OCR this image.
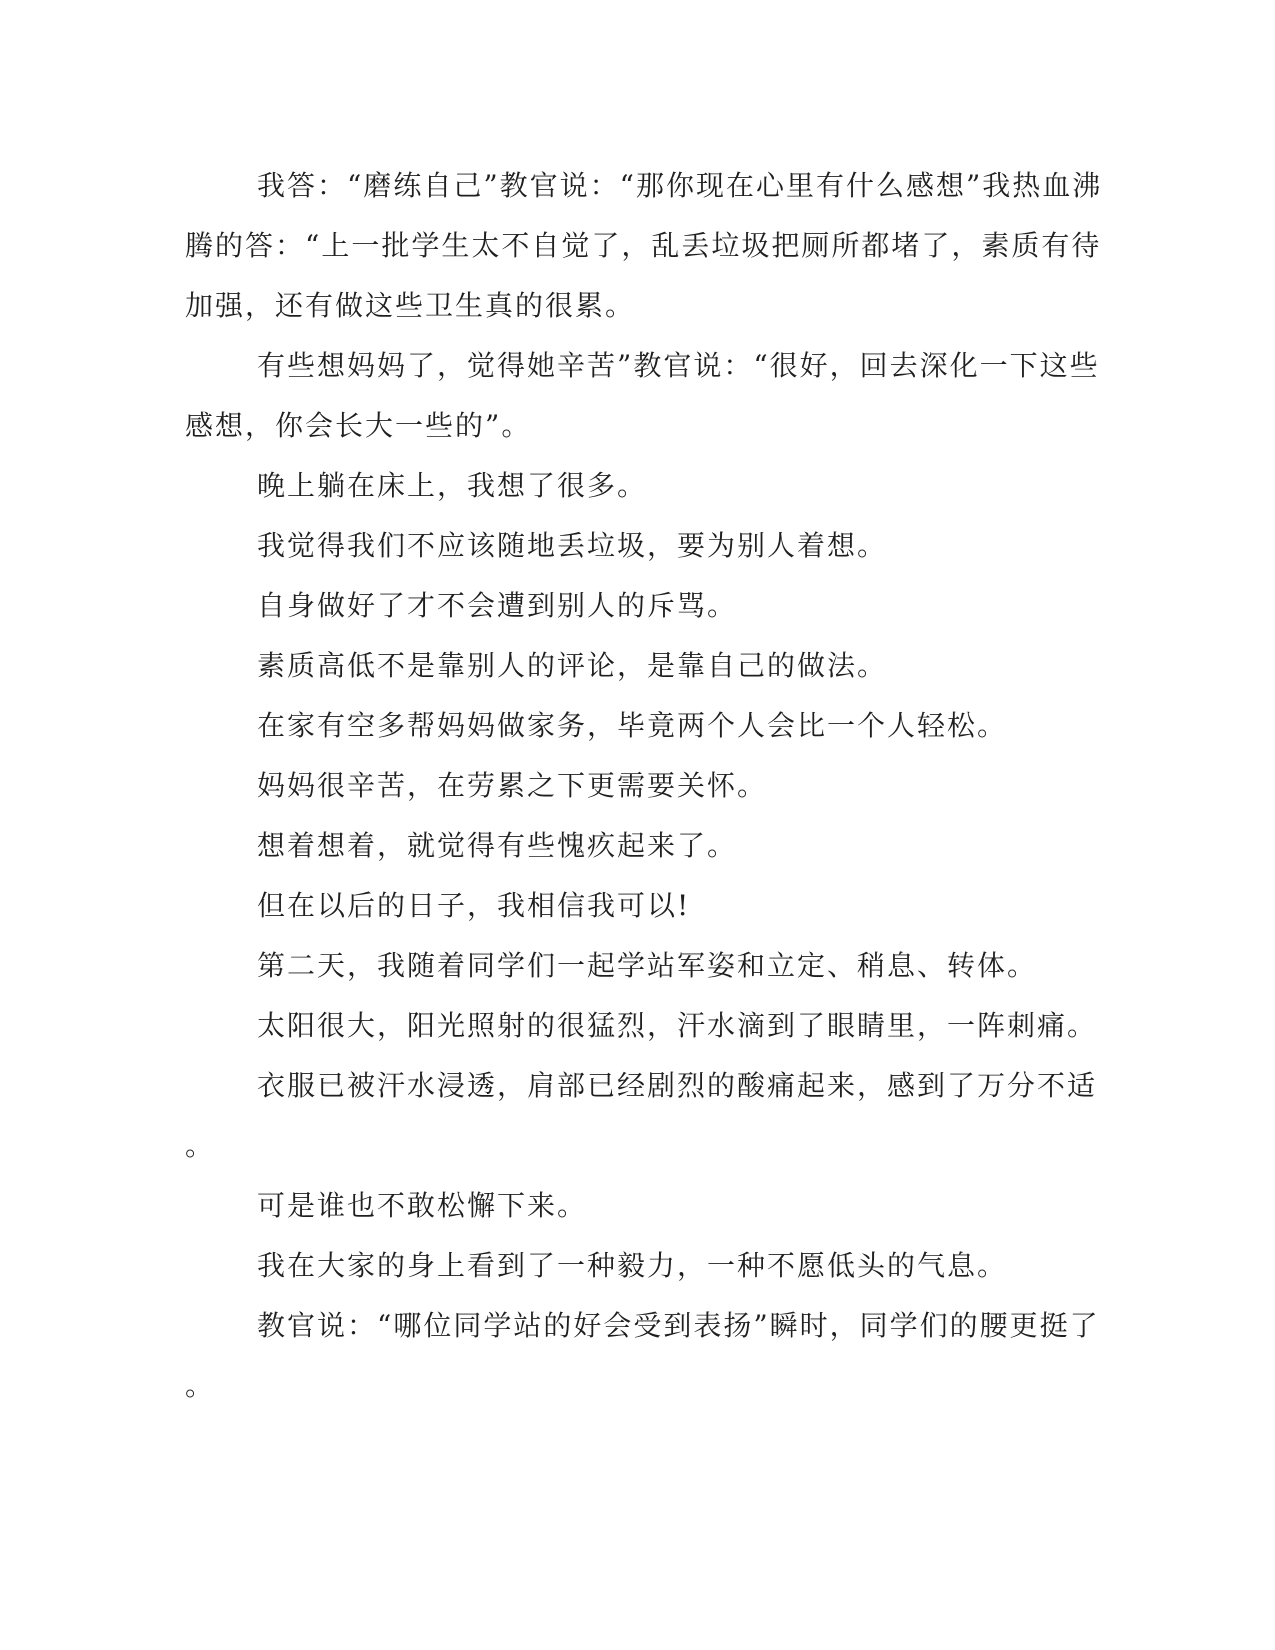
我答：“磨练自己”教官说：“那你现在心里有什么感想”我热血沸
腾的答：“上一批学生太不自觉了，乱丢垃圾把厕所都堵了，素质有待
加强，还有做这些卫生真的很累。
有些想妈妈了，觉得她辛苦”教官说：“很好，回去深化一下这些
感想，你会长大一些的”。
晚上躺在床上，我想了很多。
我觉得我们不应该随地丢垃圾，要为别人着想。
自身做好了才不会遭到别人的斥骂。
素质高低不是靠别人的评论，是靠自己的做法。
在家有空多帮妈妈做家务，毕竟两个人会比一个人轻松。
妈妈很辛苦，在劳累之下更需要关怀。
想着想着，就觉得有些愧疚起来了。
但在以后的日子，我相信我可以!
第二天，我随着同学们一起学站军姿和立定、稍息、转体。
太阳很大，阳光照射的很猛烈，汗水滴到了眼睛里，一阵刺痛。
衣服已被汗水浸透，肩部已经剧烈的酸痛起来，感到了万分不适
。
可是谁也不敢松懈下来。
我在大家的身上看到了一种毅力，一种不愿低头的气息。
教官说：“哪位同学站的好会受到表扬”瞬时，同学们的腰更挺了
。
